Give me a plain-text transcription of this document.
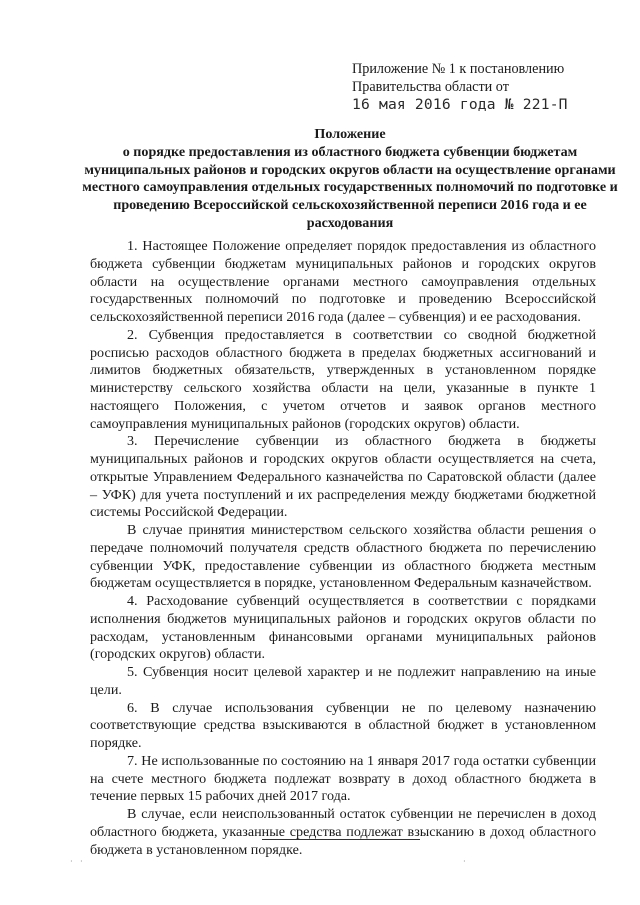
Приложение № 1 к постановлению
Правительства области от
16 мая 2016 года № 221-П
Положение
о порядке предоставления из областного бюджета субвенции бюджетам муниципальных районов и городских округов области на осуществление органами местного самоуправления отдельных государственных полномочий по подготовке и проведению Всероссийской сельскохозяйственной переписи 2016 года и ее расходования

1. Настоящее Положение определяет порядок предоставления из областного бюджета субвенции бюджетам муниципальных районов и городских округов области на осуществление органами местного самоуправления отдельных государственных полномочий по подготовке и проведению Всероссийской сельскохозяйственной переписи 2016 года (далее – субвенция) и ее расходования.

2. Субвенция предоставляется в соответствии со сводной бюджетной росписью расходов областного бюджета в пределах бюджетных ассигнований и лимитов бюджетных обязательств, утвержденных в установленном порядке министерству сельского хозяйства области на цели, указанные в пункте 1 настоящего Положения, с учетом отчетов и заявок органов местного самоуправления муниципальных районов (городских округов) области.

3. Перечисление субвенции из областного бюджета в бюджеты муниципальных районов и городских округов области осуществляется на счета, открытые Управлением Федерального казначейства по Саратовской области (далее – УФК) для учета поступлений и их распределения между бюджетами бюджетной системы Российской Федерации.

В случае принятия министерством сельского хозяйства области решения о передаче полномочий получателя средств областного бюджета по перечислению субвенции УФК, предоставление субвенции из областного бюджета местным бюджетам осуществляется в порядке, установленном Федеральным казначейством.

4. Расходование субвенций осуществляется в соответствии с порядками исполнения бюджетов муниципальных районов и городских округов области по расходам, установленным финансовыми органами муниципальных районов (городских округов) области.

5. Субвенция носит целевой характер и не подлежит направлению на иные цели.

6. В случае использования субвенции не по целевому назначению соответствующие средства взыскиваются в областной бюджет в установленном порядке.

7. Не использованные по состоянию на 1 января 2017 года остатки субвенции на счете местного бюджета подлежат возврату в доход областного бюджета в течение первых 15 рабочих дней 2017 года.

В случае, если неиспользованный остаток субвенции не перечислен в доход областного бюджета, указанные средства подлежат взысканию в доход областного бюджета в установленном порядке.

· ·	·
